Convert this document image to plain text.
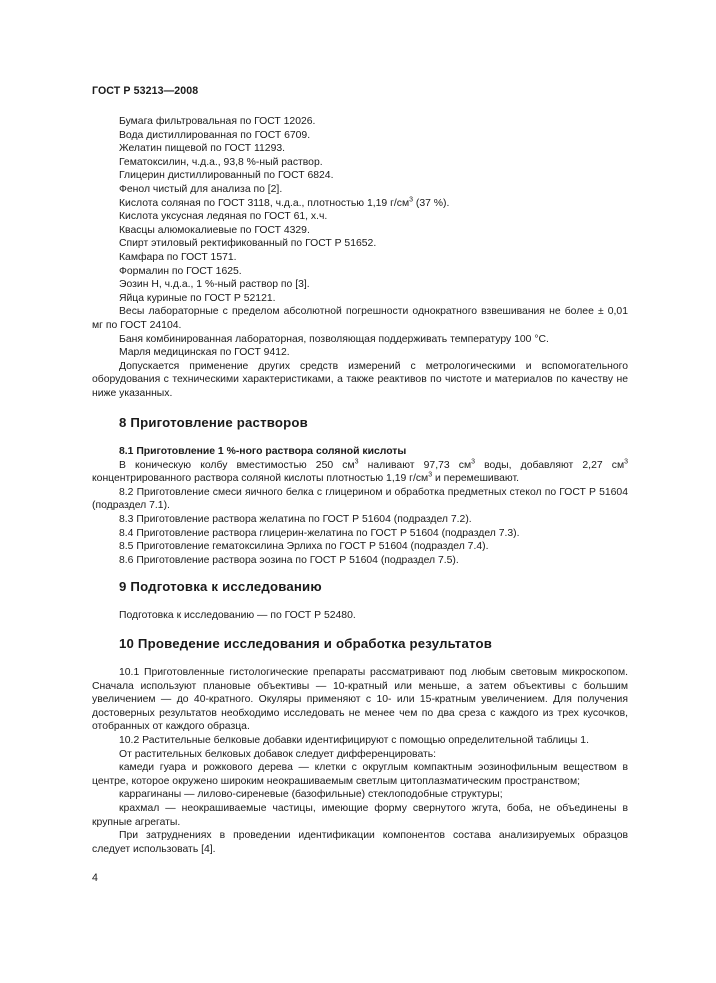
ГОСТ Р 53213—2008

Бумага фильтровальная по ГОСТ 12026.

Вода дистиллированная по ГОСТ 6709.

Желатин пищевой по ГОСТ 11293.

Гематоксилин, ч.д.а., 93,8 %-ный раствор.

Глицерин дистиллированный по ГОСТ 6824.

Фенол чистый для анализа по [2].

Кислота соляная по ГОСТ 3118, ч.д.а., плотностью 1,19 $г/см^3$ (37 %).

Кислота уксусная ледяная по ГОСТ 61, х.ч.

Квасцы алюмокалиевые по ГОСТ 4329.

Спирт этиловый ректификованный по ГОСТ Р 51652.

Камфара по ГОСТ 1571.

Формалин по ГОСТ 1625.

Эозин Н, ч.д.а., 1 %-ный раствор по [3].

Яйца куриные по ГОСТ Р 52121.

Весы лабораторные с пределом абсолютной погрешности однократного взвешивания не более ± 0,01 мг по ГОСТ 24104.

Баня комбинированная лабораторная, позволяющая поддерживать температуру 100 °С.

Марля медицинская по ГОСТ 9412.

Допускается применение других средств измерений с метрологическими и вспомогательного оборудования с техническими характеристиками, а также реактивов по чистоте и материалов по качеству не ниже указанных.

8 Приготовление растворов

8.1 Приготовление 1 %-ного раствора соляной кислоты

В коническую колбу вместимостью 250 $см^3$ наливают 97,73 $см^3$ воды, добавляют 2,27 $см^3$ концентрированного раствора соляной кислоты плотностью 1,19 $г/см^3$ и перемешивают.

8.2 Приготовление смеси яичного белка с глицерином и обработка предметных стекол по ГОСТ Р 51604 (подраздел 7.1).

8.3 Приготовление раствора желатина по ГОСТ Р 51604 (подраздел 7.2).

8.4 Приготовление раствора глицерин-желатина по ГОСТ Р 51604 (подраздел 7.3).

8.5 Приготовление гематоксилина Эрлиха по ГОСТ Р 51604 (подраздел 7.4).

8.6 Приготовление раствора эозина по ГОСТ Р 51604 (подраздел 7.5).

9 Подготовка к исследованию

Подготовка к исследованию — по ГОСТ Р 52480.

10 Проведение исследования и обработка результатов

10.1 Приготовленные гистологические препараты рассматривают под любым световым микроскопом. Сначала используют плановые объективы — 10-кратный или меньше, а затем объективы с большим увеличением — до 40-кратного. Окуляры применяют с 10- или 15-кратным увеличением. Для получения достоверных результатов необходимо исследовать не менее чем по два среза с каждого из трех кусочков, отобранных от каждого образца.

10.2 Растительные белковые добавки идентифицируют с помощью определительной таблицы 1.

От растительных белковых добавок следует дифференцировать:

камеди гуара и рожкового дерева — клетки с округлым компактным эозинофильным веществом в центре, которое окружено широким неокрашиваемым светлым цитоплазматическим пространством;

каррагинаны — лилово-сиреневые (базофильные) стеклоподобные структуры;

крахмал — неокрашиваемые частицы, имеющие форму свернутого жгута, боба, не объединены в крупные агрегаты.

При затруднениях в проведении идентификации компонентов состава анализируемых образцов следует использовать [4].

4
